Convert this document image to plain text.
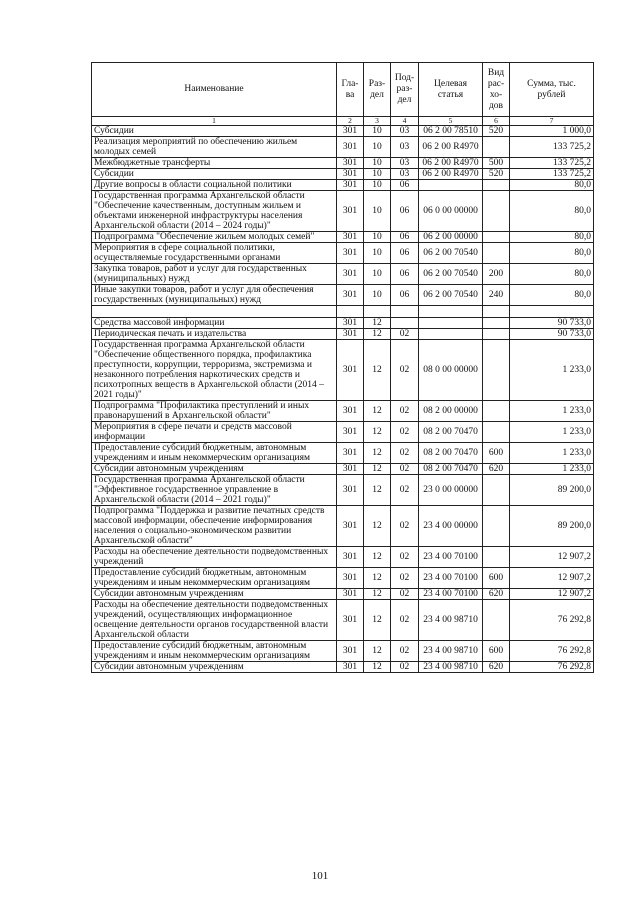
Наименование	Гла-ва	Раз-дел	Под-раз-дел	Целевая статья	Вид рас-хо-дов	Сумма, тыс. рублей
1	2	3	4	5	6	7
Субсидии	301	10	03	06 2 00 78510	520	1 000,0
Реализация мероприятий по обеспечению жильем молодых семей	301	10	03	06 2 00 R4970		133 725,2
Межбюджетные трансферты	301	10	03	06 2 00 R4970	500	133 725,2
Субсидии	301	10	03	06 2 00 R4970	520	133 725,2
Другие вопросы в области социальной политики	301	10	06			80,0
Государственная программа Архангельской области "Обеспечение качественным, доступным жильем и объектами инженерной инфраструктуры населения Архангельской области (2014 – 2024 годы)"	301	10	06	06 0 00 00000		80,0
Подпрограмма "Обеспечение жильем молодых семей"	301	10	06	06 2 00 00000		80,0
Мероприятия в сфере социальной политики, осуществляемые государственными органами	301	10	06	06 2 00 70540		80,0
Закупка товаров, работ и услуг для государственных (муниципальных) нужд	301	10	06	06 2 00 70540	200	80,0
Иные закупки товаров, работ и услуг для обеспечения государственных (муниципальных) нужд	301	10	06	06 2 00 70540	240	80,0

Средства массовой информации	301	12				90 733,0
Периодическая печать и издательства	301	12	02			90 733,0
Государственная программа Архангельской области "Обеспечение общественного порядка, профилактика преступности, коррупции, терроризма, экстремизма и незаконного потребления наркотических средств и психотропных веществ в Архангельской области (2014 – 2021 годы)"	301	12	02	08 0 00 00000		1 233,0
Подпрограмма "Профилактика преступлений и иных правонарушений в Архангельской области"	301	12	02	08 2 00 00000		1 233,0
Мероприятия в сфере печати и средств массовой информации	301	12	02	08 2 00 70470		1 233,0
Предоставление субсидий бюджетным, автономным учреждениям и иным некоммерческим организациям	301	12	02	08 2 00 70470	600	1 233,0
Субсидии автономным учреждениям	301	12	02	08 2 00 70470	620	1 233,0
Государственная программа Архангельской области "Эффективное государственное управление в Архангельской области (2014 – 2021 годы)"	301	12	02	23 0 00 00000		89 200,0
Подпрограмма "Поддержка и развитие печатных средств массовой информации, обеспечение информирования населения о социально-экономическом развитии Архангельской области"	301	12	02	23 4 00 00000		89 200,0
Расходы на обеспечение деятельности подведомственных учреждений	301	12	02	23 4 00 70100		12 907,2
Предоставление субсидий бюджетным, автономным учреждениям и иным некоммерческим организациям	301	12	02	23 4 00 70100	600	12 907,2
Субсидии автономным учреждениям	301	12	02	23 4 00 70100	620	12 907,2
Расходы на обеспечение деятельности подведомственных учреждений, осуществляющих информационное освещение деятельности органов государственной власти Архангельской области	301	12	02	23 4 00 98710		76 292,8
Предоставление субсидий бюджетным, автономным учреждениям и иным некоммерческим организациям	301	12	02	23 4 00 98710	600	76 292,8
Субсидии автономным учреждениям	301	12	02	23 4 00 98710	620	76 292,8
101
